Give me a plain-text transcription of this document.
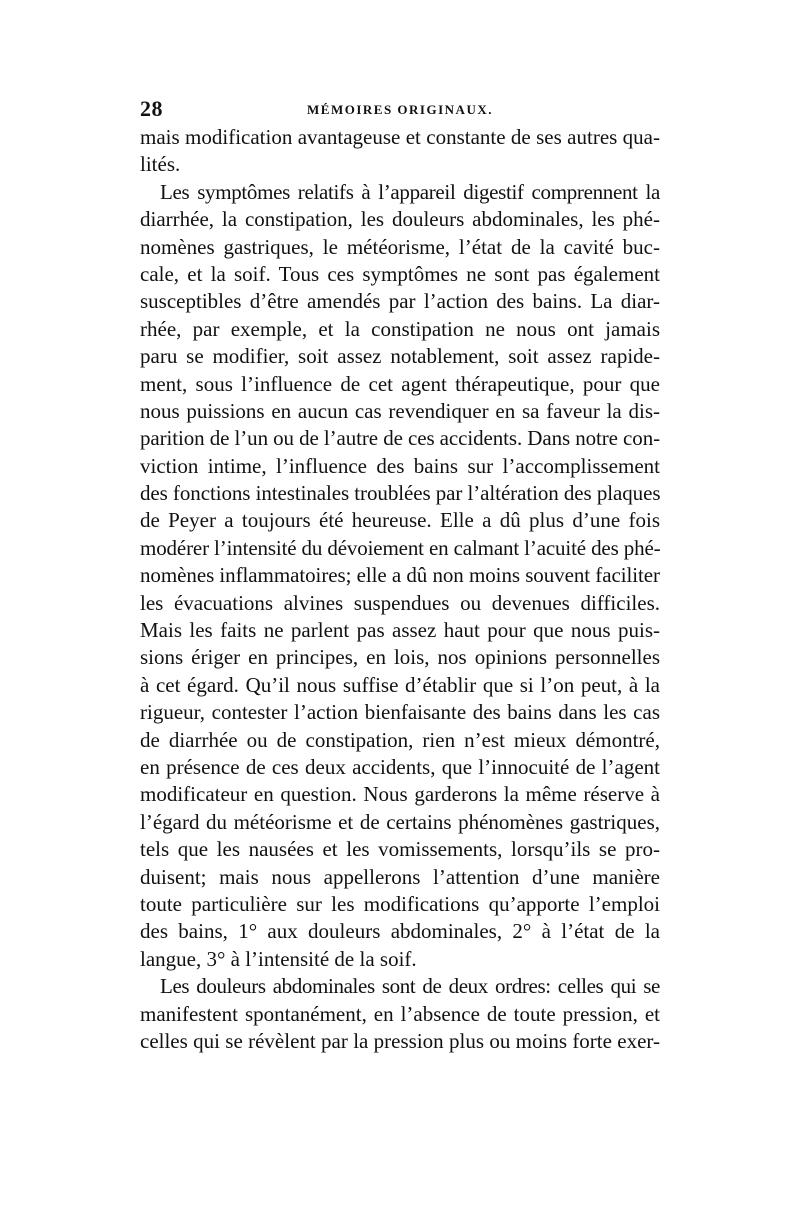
28	MÉMOIRES ORIGINAUX.
mais modification avantageuse et constante de ses autres qua-
lités.
Les symptômes relatifs à l’appareil digestif comprennent la
diarrhée, la constipation, les douleurs abdominales, les phé-
nomènes gastriques, le météorisme, l’état de la cavité buc-
cale, et la soif. Tous ces symptômes ne sont pas également
susceptibles d’être amendés par l’action des bains. La diar-
rhée, par exemple, et la constipation ne nous ont jamais
paru se modifier, soit assez notablement, soit assez rapide-
ment, sous l’influence de cet agent thérapeutique, pour que
nous puissions en aucun cas revendiquer en sa faveur la dis-
parition de l’un ou de l’autre de ces accidents. Dans notre con-
viction intime, l’influence des bains sur l’accomplissement
des fonctions intestinales troublées par l’altération des plaques
de Peyer a toujours été heureuse. Elle a dû plus d’une fois
modérer l’intensité du dévoiement en calmant l’acuité des phé-
nomènes inflammatoires; elle a dû non moins souvent faciliter
les évacuations alvines suspendues ou devenues difficiles.
Mais les faits ne parlent pas assez haut pour que nous puis-
sions ériger en principes, en lois, nos opinions personnelles
à cet égard. Qu’il nous suffise d’établir que si l’on peut, à la
rigueur, contester l’action bienfaisante des bains dans les cas
de diarrhée ou de constipation, rien n’est mieux démontré,
en présence de ces deux accidents, que l’innocuité de l’agent
modificateur en question. Nous garderons la même réserve à
l’égard du météorisme et de certains phénomènes gastriques,
tels que les nausées et les vomissements, lorsqu’ils se pro-
duisent; mais nous appellerons l’attention d’une manière
toute particulière sur les modifications qu’apporte l’emploi
des bains, 1° aux douleurs abdominales, 2° à l’état de la
langue, 3° à l’intensité de la soif.
Les douleurs abdominales sont de deux ordres: celles qui se
manifestent spontanément, en l’absence de toute pression, et
celles qui se révèlent par la pression plus ou moins forte exer-
